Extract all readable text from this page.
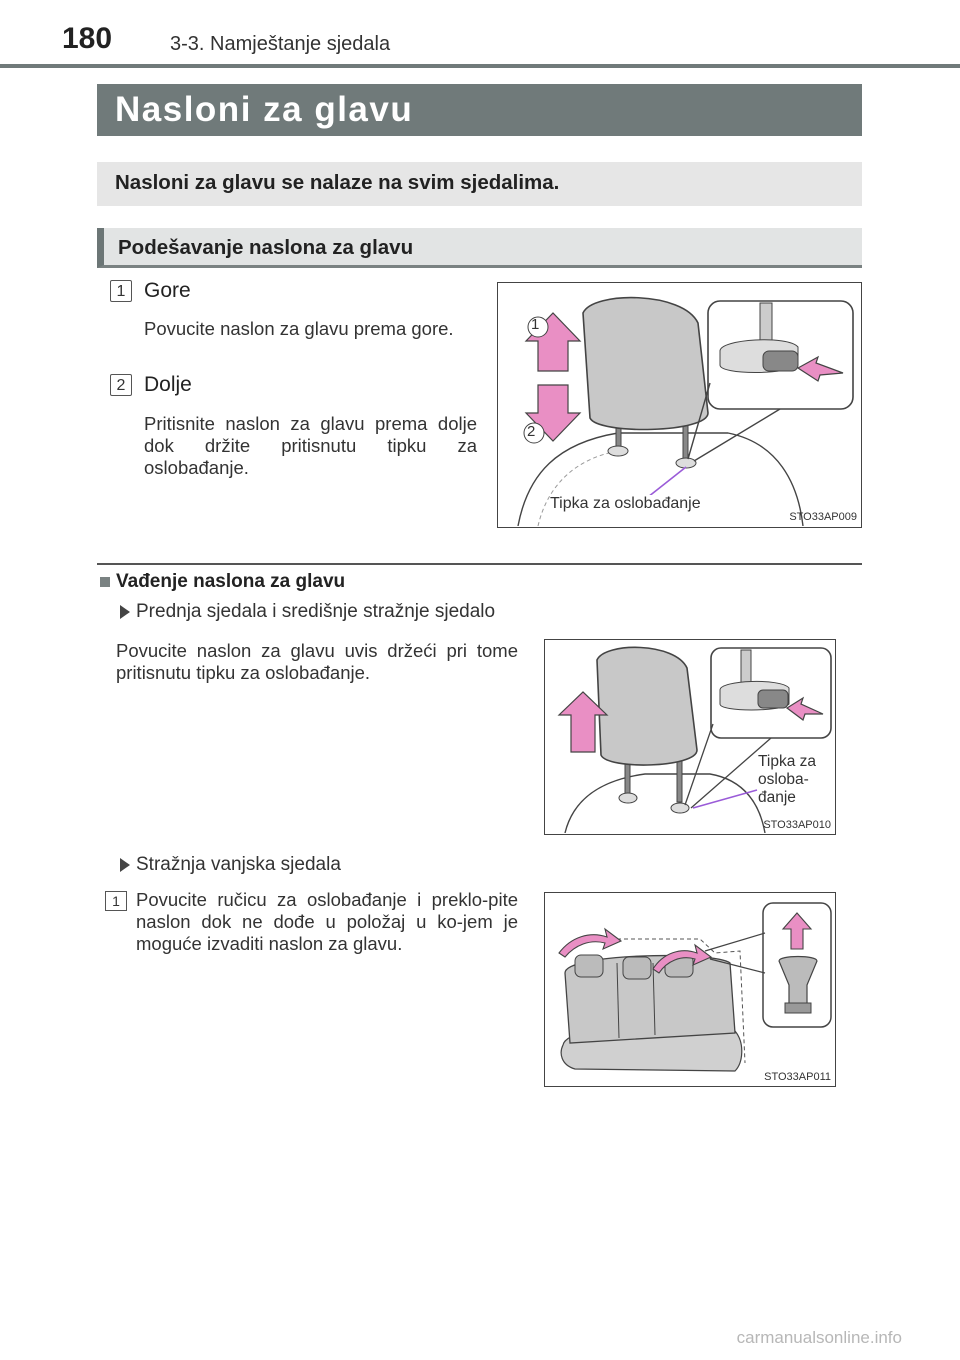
180	3-3. Namještanje sjedala
Nasloni za glavu
Nasloni za glavu se nalaze na svim sjedalima.
Podešavanje naslona za glavu
1 Gore
Povucite naslon za glavu prema gore.
2 Dolje
Pritisnite naslon za glavu prema dolje dok držite pritisnutu tipku za oslobađanje.
1
2
Tipka za oslobađanje
STO33AP009
Vađenje naslona za glavu
Prednja sjedala i središnje stražnje sjedalo
Povucite naslon za glavu uvis držeći pri tome pritisnutu tipku za oslobađanje.
Tipka za
osloba-
đanje
STO33AP010
Stražnja vanjska sjedala
1 Povucite ručicu za oslobađanje i preklo-pite naslon dok ne dođe u položaj u ko-jem je moguće izvaditi naslon za glavu.
STO33AP011
carmanualsonline.info
